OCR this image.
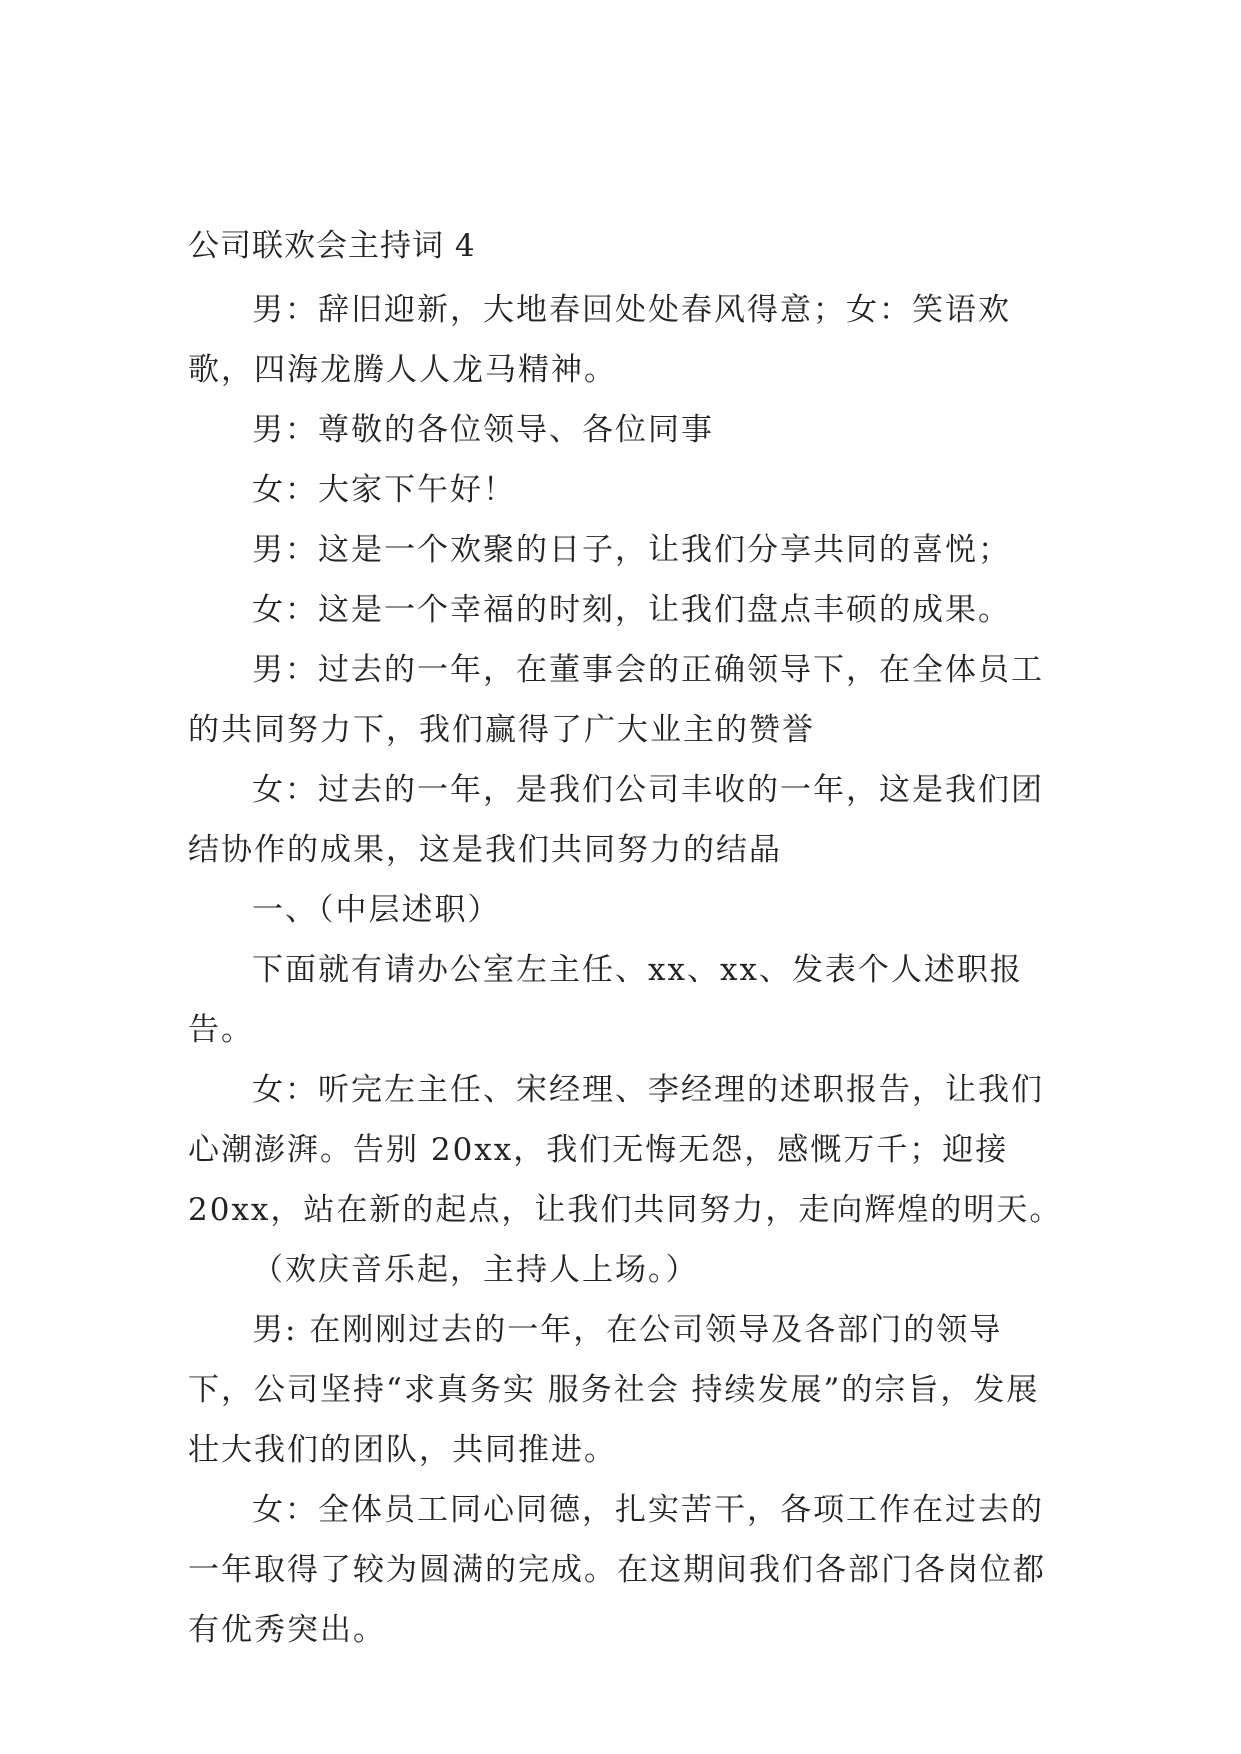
公司联欢会主持词 4

男：辞旧迎新，大地春回处处春风得意；女：笑语欢歌，四海龙腾人人龙马精神。

男：尊敬的各位领导、各位同事

女：大家下午好！

男：这是一个欢聚的日子，让我们分享共同的喜悦；

女：这是一个幸福的时刻，让我们盘点丰硕的成果。

男：过去的一年，在董事会的正确领导下，在全体员工的共同努力下，我们赢得了广大业主的赞誉

女：过去的一年，是我们公司丰收的一年，这是我们团结协作的成果，这是我们共同努力的结晶

一、（中层述职）

下面就有请办公室左主任、xx、xx、发表个人述职报告。

女：听完左主任、宋经理、李经理的述职报告，让我们心潮澎湃。告别 20xx，我们无悔无怨，感慨万千；迎接 20xx，站在新的起点，让我们共同努力，走向辉煌的明天。

（欢庆音乐起，主持人上场。）

男: 在刚刚过去的一年，在公司领导及各部门的领导下，公司坚持“求真务实 服务社会 持续发展”的宗旨，发展壮大我们的团队，共同推进。

女：全体员工同心同德，扎实苦干，各项工作在过去的一年取得了较为圆满的完成。在这期间我们各部门各岗位都有优秀突出。
